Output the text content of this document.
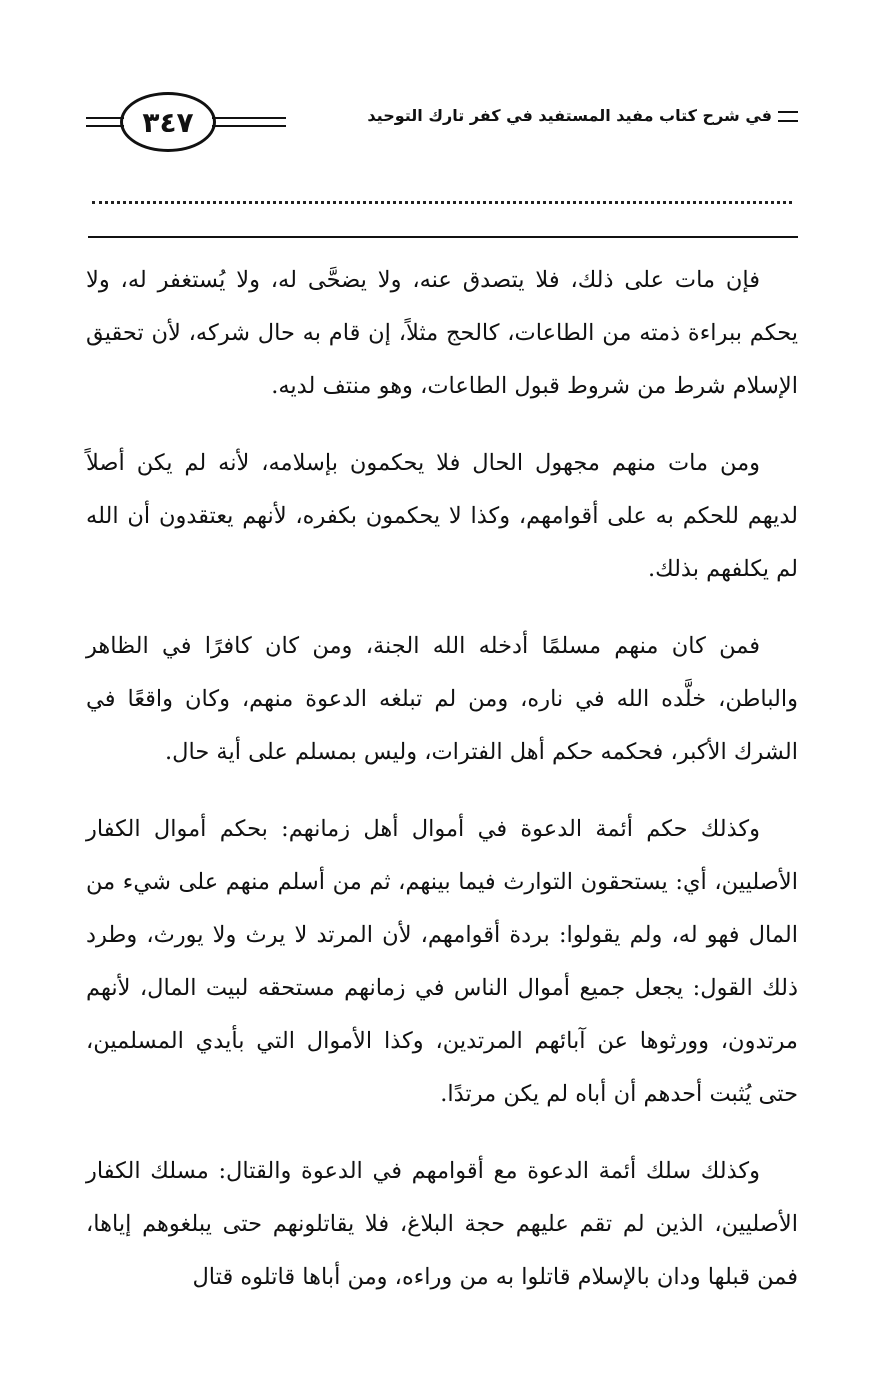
في شرح كتاب مفيد المستفيد في كفر تارك التوحيد
٣٤٧

فإن مات على ذلك، فلا يتصدق عنه، ولا يضحَّى له، ولا يُستغفر له، ولا يحكم ببراءة ذمته من الطاعات، كالحج مثلاً، إن قام به حال شركه، لأن تحقيق الإسلام شرط من شروط قبول الطاعات، وهو منتف لديه.

ومن مات منهم مجهول الحال فلا يحكمون بإسلامه، لأنه لم يكن أصلاً لديهم للحكم به على أقوامهم، وكذا لا يحكمون بكفره، لأنهم يعتقدون أن الله لم يكلفهم بذلك.

فمن كان منهم مسلمًا أدخله الله الجنة، ومن كان كافرًا في الظاهر والباطن، خلَّده الله في ناره، ومن لم تبلغه الدعوة منهم، وكان واقعًا في الشرك الأكبر، فحكمه حكم أهل الفترات، وليس بمسلم على أية حال.

وكذلك حكم أئمة الدعوة في أموال أهل زمانهم: بحكم أموال الكفار الأصليين، أي: يستحقون التوارث فيما بينهم، ثم من أسلم منهم على شيء من المال فهو له، ولم يقولوا: بردة أقوامهم، لأن المرتد لا يرث ولا يورث، وطرد ذلك القول: يجعل جميع أموال الناس في زمانهم مستحقه لبيت المال، لأنهم مرتدون، وورثوها عن آبائهم المرتدين، وكذا الأموال التي بأيدي المسلمين، حتى يُثبت أحدهم أن أباه لم يكن مرتدًا.

وكذلك سلك أئمة الدعوة مع أقوامهم في الدعوة والقتال: مسلك الكفار الأصليين، الذين لم تقم عليهم حجة البلاغ، فلا يقاتلونهم حتى يبلغوهم إياها، فمن قبلها ودان بالإسلام قاتلوا به من وراءه، ومن أباها قاتلوه قتال
